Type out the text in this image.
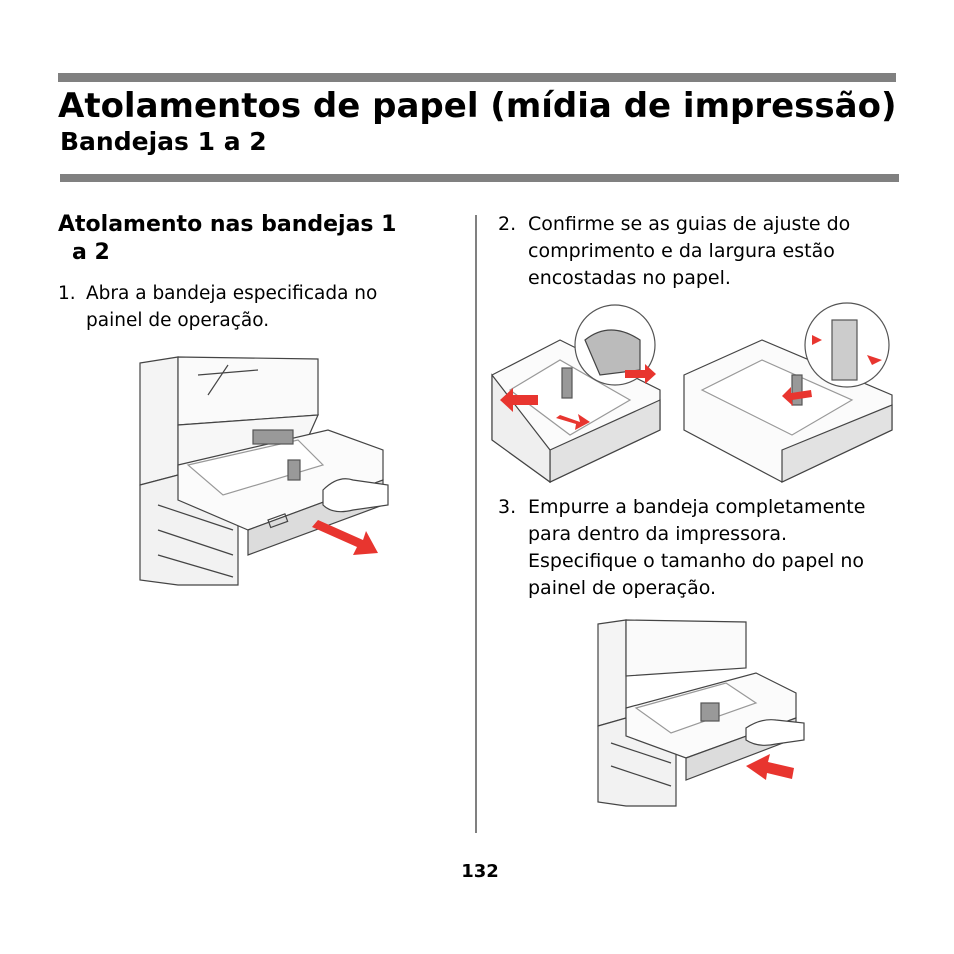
Atolamentos de papel (mídia de impressão)
Bandejas 1 a 2
Atolamento nas bandejas 1
a 2
1. Abra a bandeja especificada no
painel de operação.
2. Confirme se as guias de ajuste do
comprimento e da largura estão
encostadas no papel.
3. Empurre a bandeja completamente
para dentro da impressora.
Especifique o tamanho do papel no
painel de operação.
132
